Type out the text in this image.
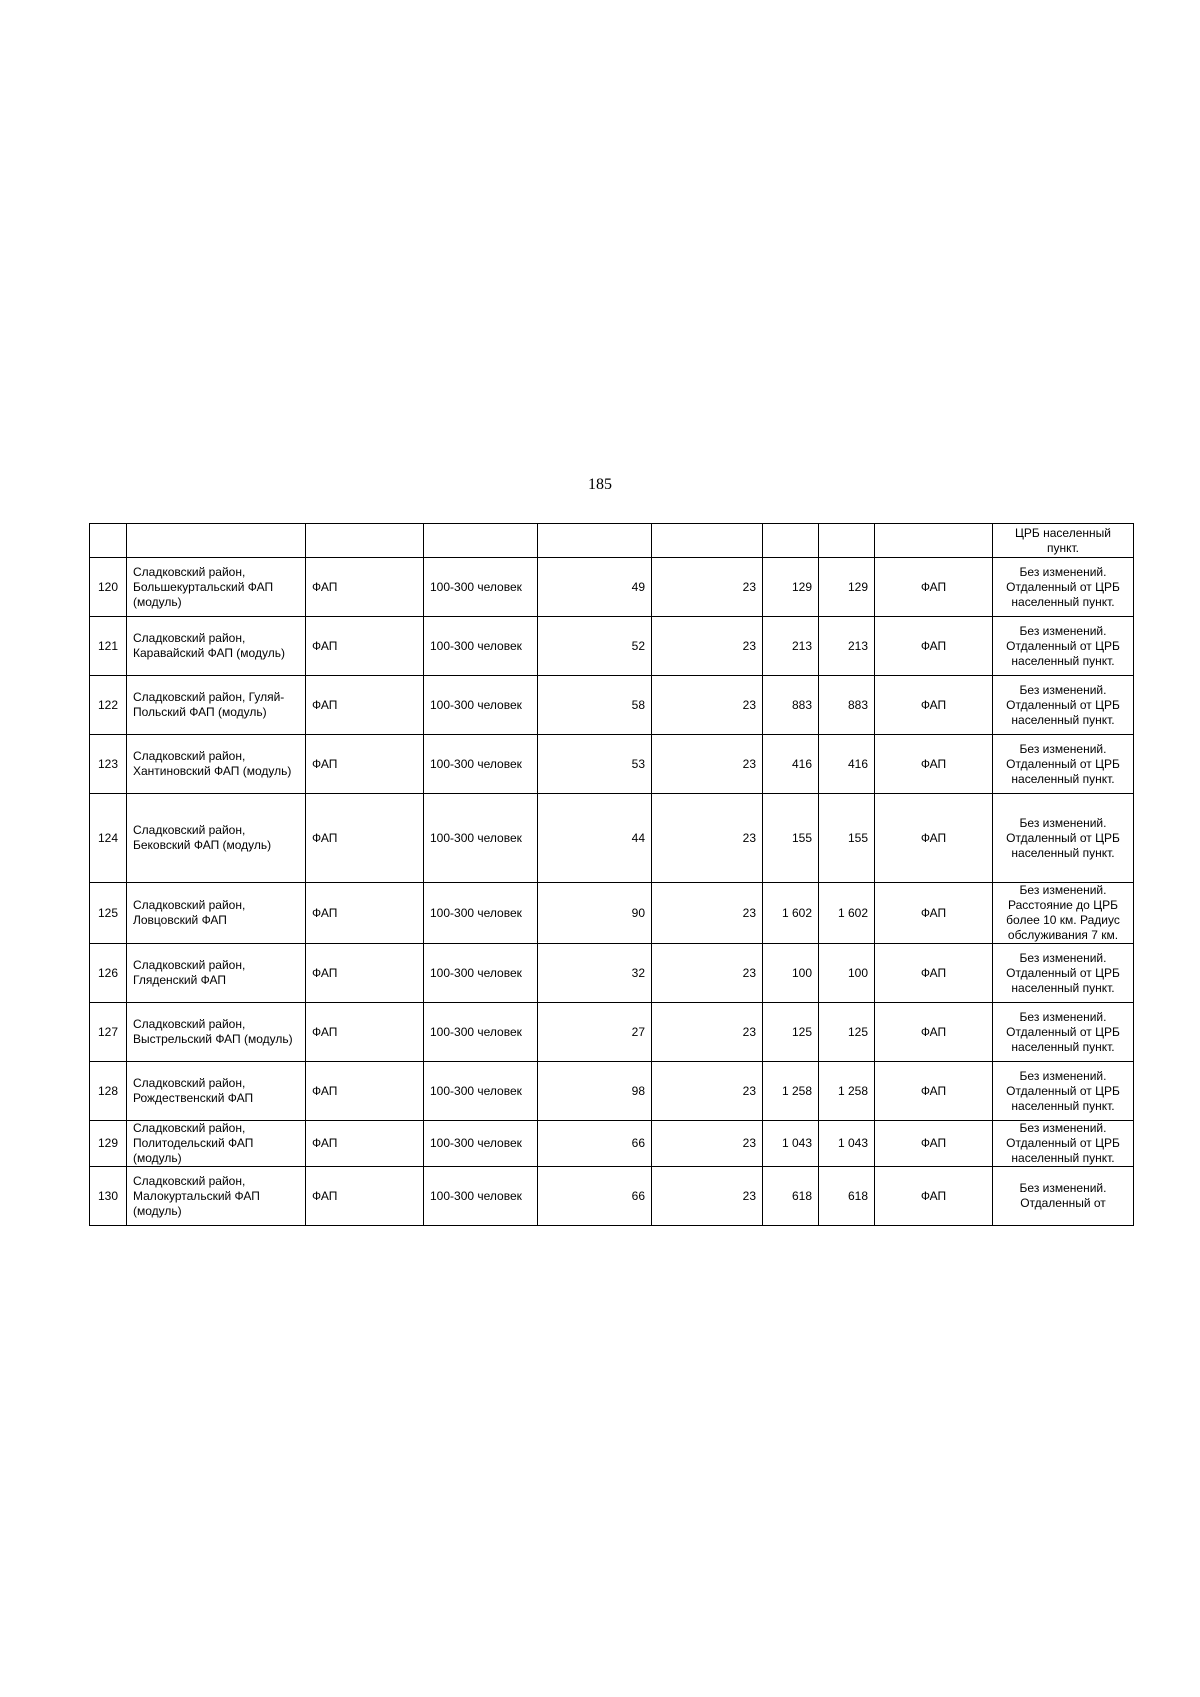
185
									ЦРБ населенный пункт.
120	Сладковский район, Большекуртальский ФАП (модуль)	ФАП	100-300 человек	49	23	129	129	ФАП	Без изменений. Отдаленный от ЦРБ населенный пункт.
121	Сладковский район, Каравайский ФАП (модуль)	ФАП	100-300 человек	52	23	213	213	ФАП	Без изменений. Отдаленный от ЦРБ населенный пункт.
122	Сладковский район, Гуляй-Польский ФАП (модуль)	ФАП	100-300 человек	58	23	883	883	ФАП	Без изменений. Отдаленный от ЦРБ населенный пункт.
123	Сладковский район, Хантиновский ФАП (модуль)	ФАП	100-300 человек	53	23	416	416	ФАП	Без изменений. Отдаленный от ЦРБ населенный пункт.
124	Сладковский район, Бековский ФАП (модуль)	ФАП	100-300 человек	44	23	155	155	ФАП	Без изменений. Отдаленный от ЦРБ населенный пункт.
125	Сладковский район, Ловцовский ФАП	ФАП	100-300 человек	90	23	1 602	1 602	ФАП	Без изменений. Расстояние до ЦРБ более 10 км. Радиус обслуживания 7 км.
126	Сладковский район, Гляденский ФАП	ФАП	100-300 человек	32	23	100	100	ФАП	Без изменений. Отдаленный от ЦРБ населенный пункт.
127	Сладковский район, Выстрельский ФАП (модуль)	ФАП	100-300 человек	27	23	125	125	ФАП	Без изменений. Отдаленный от ЦРБ населенный пункт.
128	Сладковский район, Рождественский ФАП	ФАП	100-300 человек	98	23	1 258	1 258	ФАП	Без изменений. Отдаленный от ЦРБ населенный пункт.
129	Сладковский район, Политодельский ФАП (модуль)	ФАП	100-300 человек	66	23	1 043	1 043	ФАП	Без изменений. Отдаленный от ЦРБ населенный пункт.
130	Сладковский район, Малокуртальский ФАП (модуль)	ФАП	100-300 человек	66	23	618	618	ФАП	Без изменений. Отдаленный от
